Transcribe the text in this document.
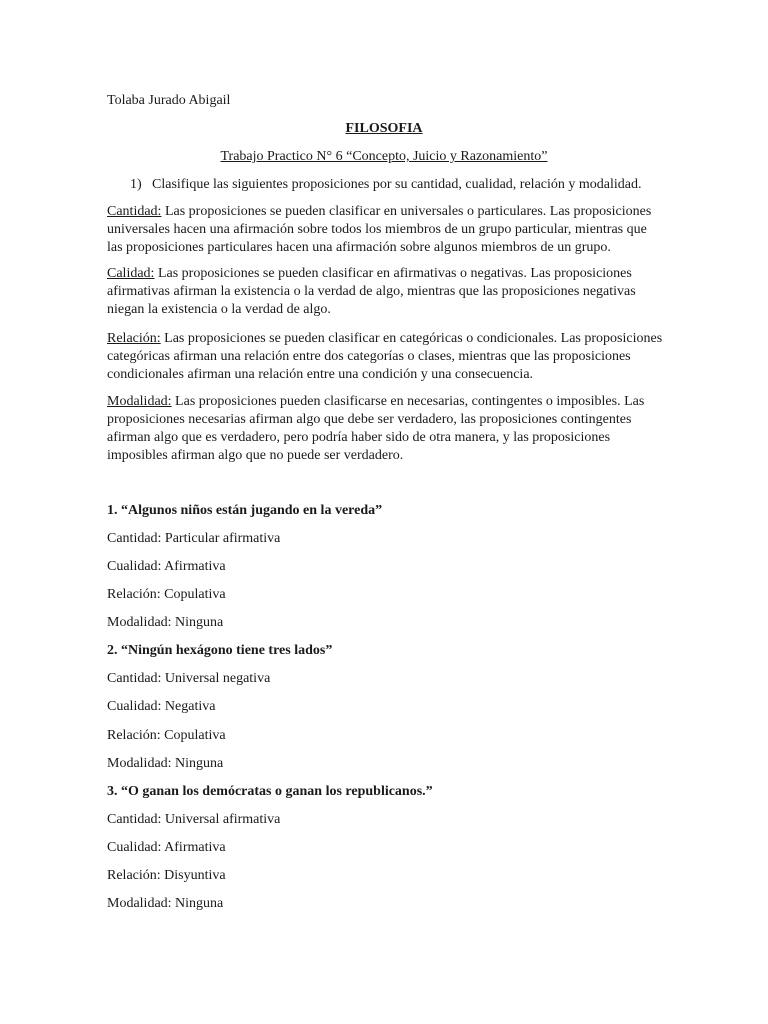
Tolaba Jurado Abigail
FILOSOFIA
Trabajo Practico N° 6 “Concepto, Juicio y Razonamiento”
1) Clasifique las siguientes proposiciones por su cantidad, cualidad, relación y modalidad.
Cantidad: Las proposiciones se pueden clasificar en universales o particulares. Las proposiciones universales hacen una afirmación sobre todos los miembros de un grupo particular, mientras que las proposiciones particulares hacen una afirmación sobre algunos miembros de un grupo.
Calidad: Las proposiciones se pueden clasificar en afirmativas o negativas. Las proposiciones afirmativas afirman la existencia o la verdad de algo, mientras que las proposiciones negativas niegan la existencia o la verdad de algo.
Relación: Las proposiciones se pueden clasificar en categóricas o condicionales. Las proposiciones categóricas afirman una relación entre dos categorías o clases, mientras que las proposiciones condicionales afirman una relación entre una condición y una consecuencia.
Modalidad: Las proposiciones pueden clasificarse en necesarias, contingentes o imposibles. Las proposiciones necesarias afirman algo que debe ser verdadero, las proposiciones contingentes afirman algo que es verdadero, pero podría haber sido de otra manera, y las proposiciones imposibles afirman algo que no puede ser verdadero.
1. “Algunos niños están jugando en la vereda”
Cantidad: Particular afirmativa
Cualidad: Afirmativa
Relación: Copulativa
Modalidad: Ninguna
2. “Ningún hexágono tiene tres lados”
Cantidad: Universal negativa
Cualidad: Negativa
Relación: Copulativa
Modalidad: Ninguna
3. “O ganan los demócratas o ganan los republicanos.”
Cantidad: Universal afirmativa
Cualidad: Afirmativa
Relación: Disyuntiva
Modalidad: Ninguna
